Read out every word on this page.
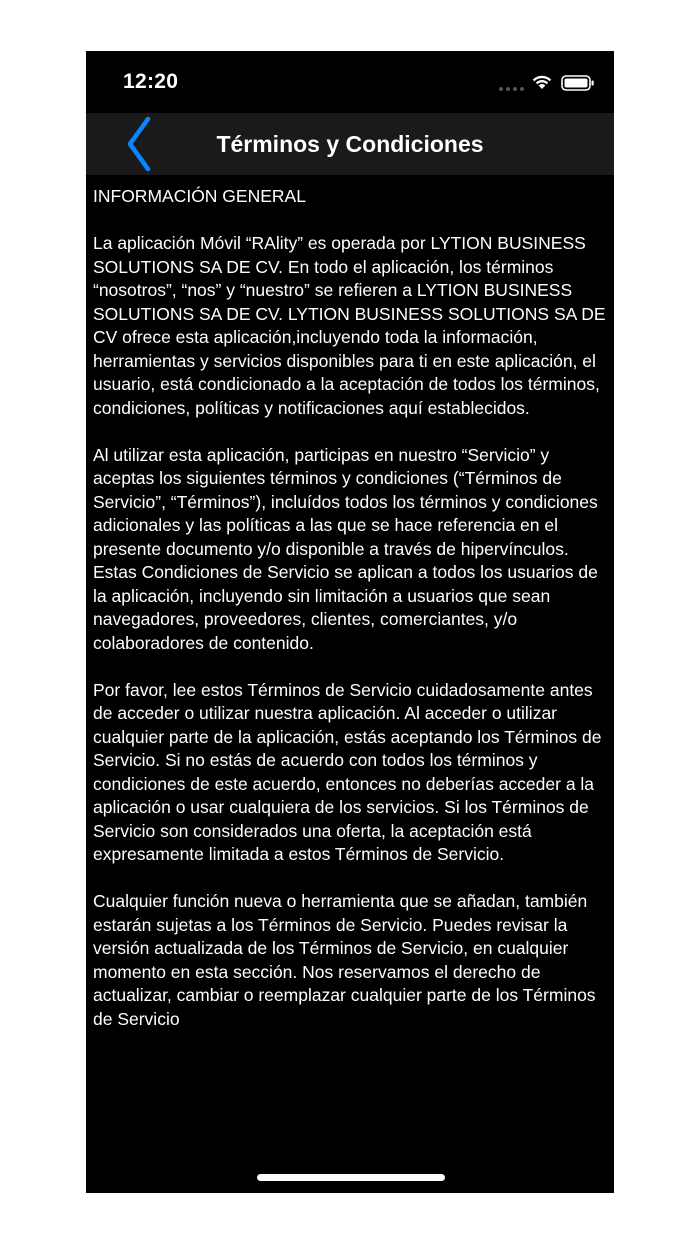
12:20
Términos y Condiciones
INFORMACIÓN GENERAL

La aplicación Móvil “RAlity” es operada por LYTION BUSINESS SOLUTIONS SA DE CV. En todo el aplicación, los términos “nosotros”, “nos” y “nuestro” se refieren a LYTION BUSINESS SOLUTIONS SA DE CV. LYTION BUSINESS SOLUTIONS SA DE CV ofrece esta aplicación,incluyendo toda la información, herramientas y servicios disponibles para ti en este aplicación, el usuario, está condicionado a la aceptación de todos los términos, condiciones, políticas y notificaciones aquí establecidos.

Al utilizar esta aplicación, participas en nuestro “Servicio” y aceptas los siguientes términos y condiciones (“Términos de Servicio”, “Términos”), incluídos todos los términos y condiciones adicionales y las políticas a las que se hace referencia en el presente documento y/o disponible a través de hipervínculos. Estas Condiciones de Servicio se aplican a todos los usuarios de la aplicación, incluyendo sin limitación a usuarios que sean navegadores, proveedores, clientes, comerciantes, y/o colaboradores de contenido.

Por favor, lee estos Términos de Servicio cuidadosamente antes de acceder o utilizar nuestra aplicación. Al acceder o utilizar cualquier parte de la aplicación, estás aceptando los Términos de Servicio. Si no estás de acuerdo con todos los términos y condiciones de este acuerdo, entonces no deberías acceder a la aplicación o usar cualquiera de los servicios. Si los Términos de Servicio son considerados una oferta, la aceptación está expresamente limitada a estos Términos de Servicio.

Cualquier función nueva o herramienta que se añadan, también estarán sujetas a los Términos de Servicio. Puedes revisar la versión actualizada de los Términos de Servicio, en cualquier momento en esta sección. Nos reservamos el derecho de actualizar, cambiar o reemplazar cualquier parte de los Términos de Servicio
